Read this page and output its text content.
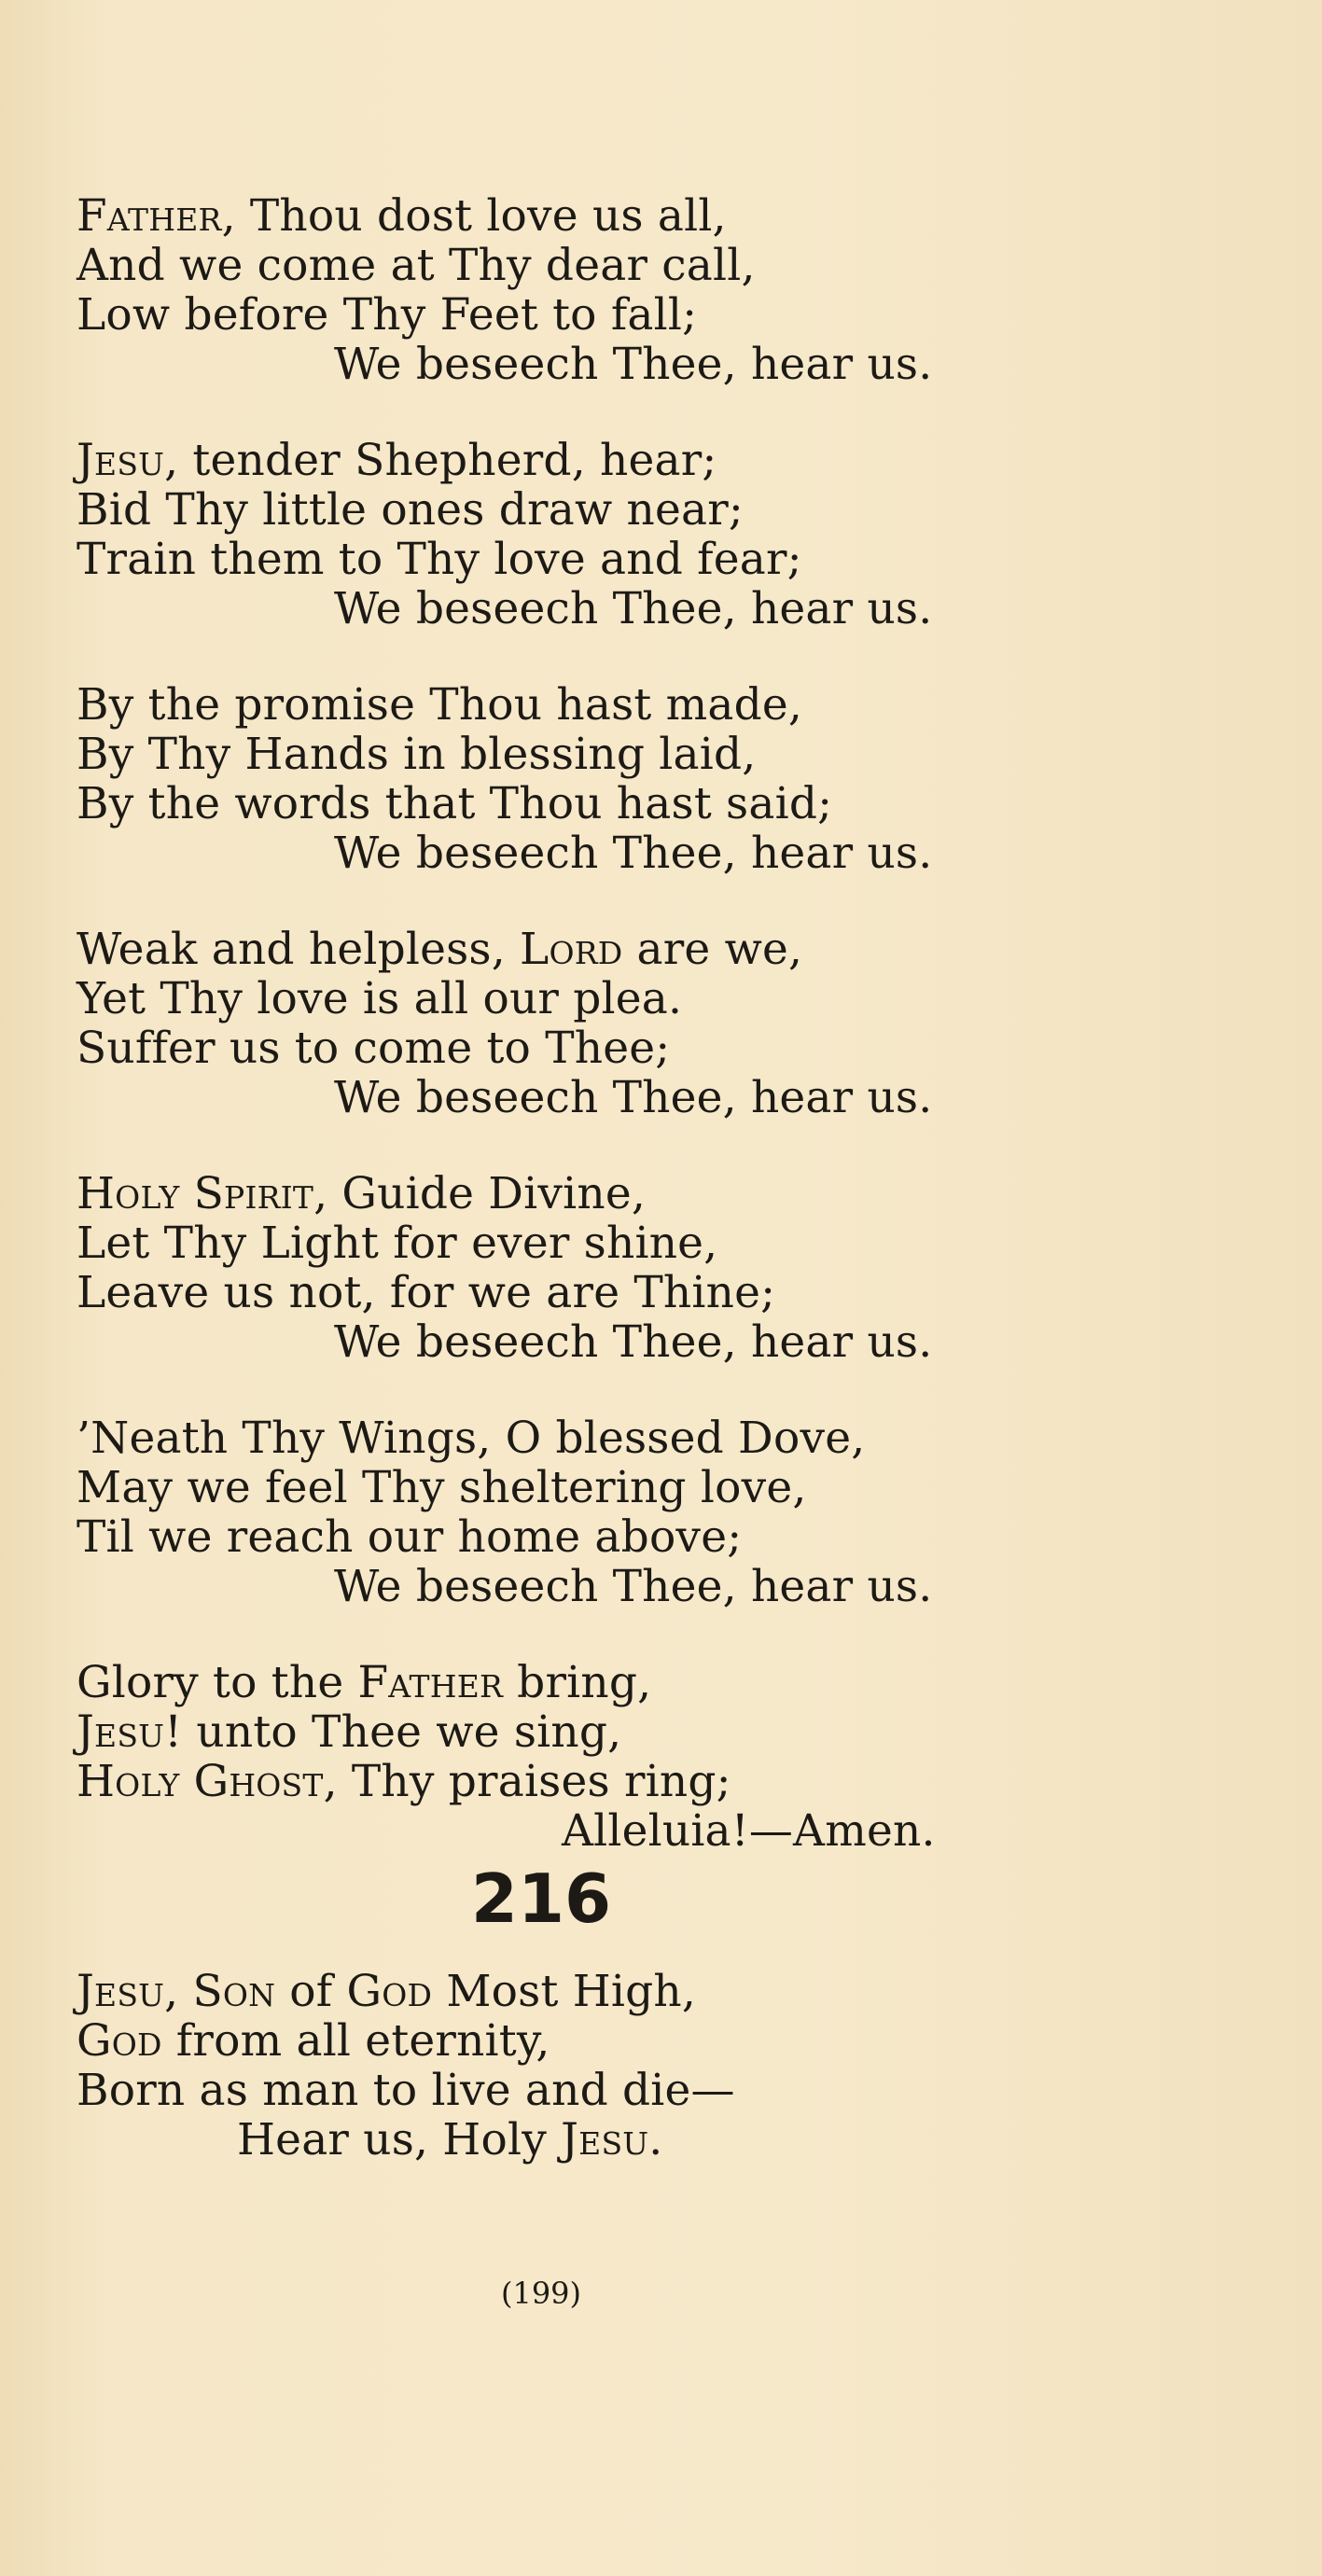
Father, Thou dost love us all,
And we come at Thy dear call,
Low before Thy Feet to fall;
We beseech Thee, hear us.
Jesu, tender Shepherd, hear;
Bid Thy little ones draw near;
Train them to Thy love and fear;
We beseech Thee, hear us.
By the promise Thou hast made,
By Thy Hands in blessing laid,
By the words that Thou hast said;
We beseech Thee, hear us.
Weak and helpless, Lord are we,
Yet Thy love is all our plea.
Suffer us to come to Thee;
We beseech Thee, hear us.
Holy Spirit, Guide Divine,
Let Thy Light for ever shine,
Leave us not, for we are Thine;
We beseech Thee, hear us.
’Neath Thy Wings, O blessed Dove,
May we feel Thy sheltering love,
Til we reach our home above;
We beseech Thee, hear us.
Glory to the Father bring,
Jesu! unto Thee we sing,
Holy Ghost, Thy praises ring;
Alleluia!—Amen.
216
Jesu, Son of God Most High,
God from all eternity,
Born as man to live and die—
Hear us, Holy Jesu.
(199)
